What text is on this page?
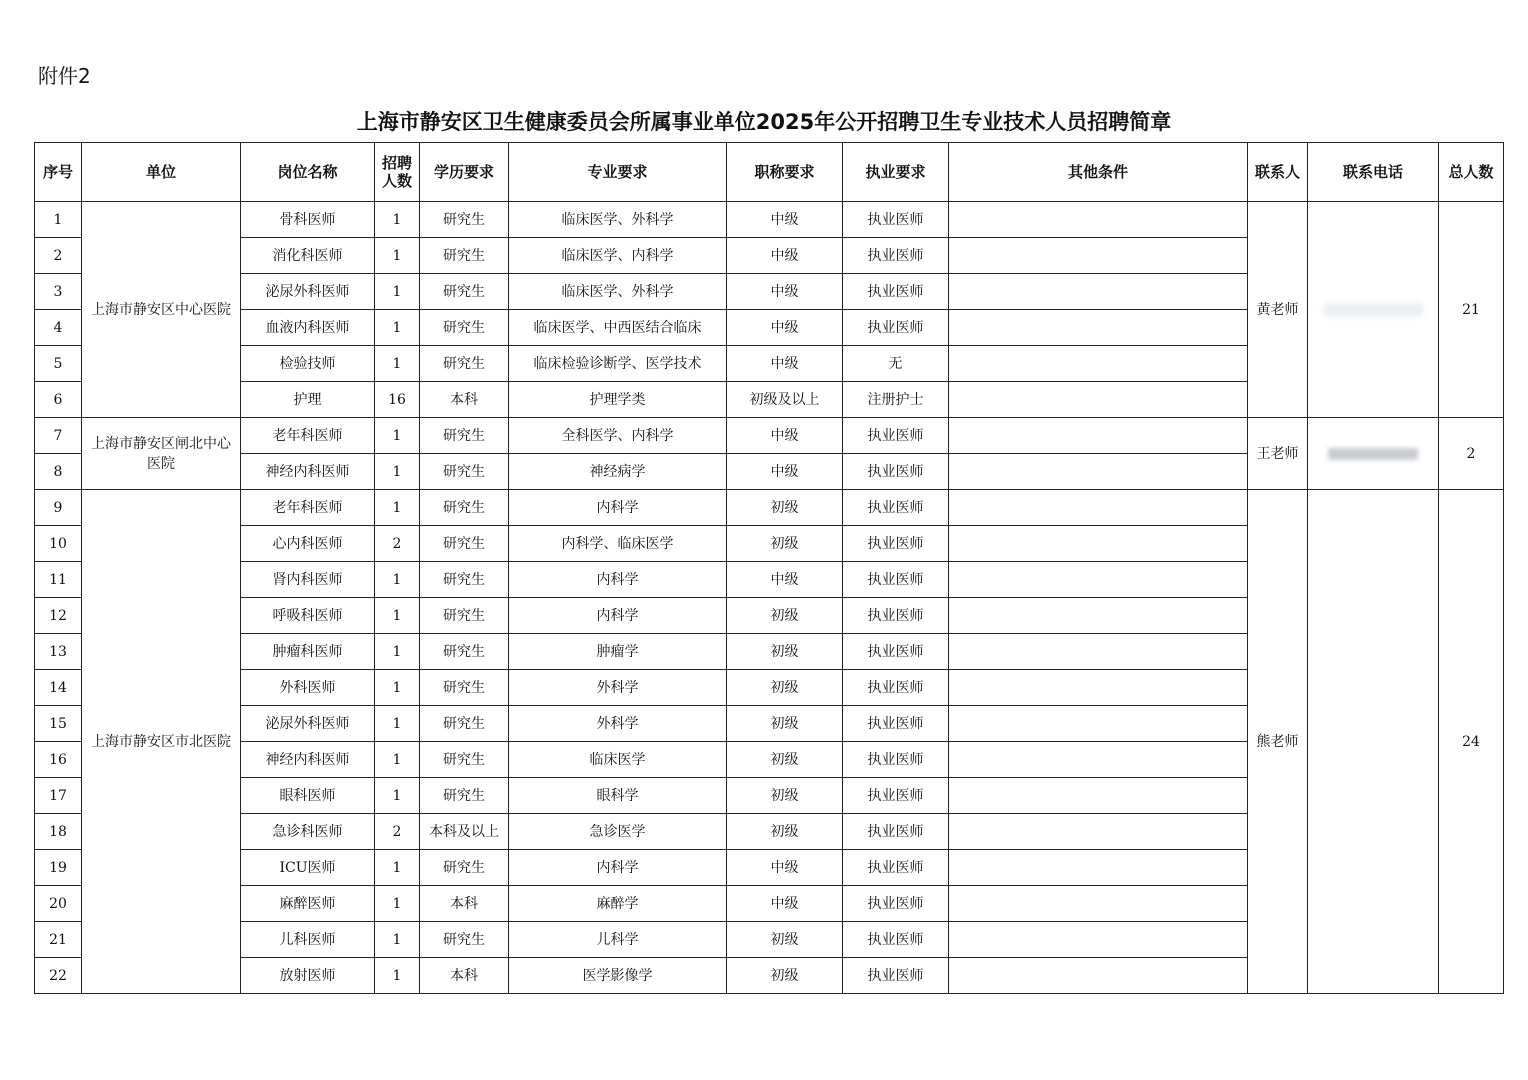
附件2
上海市静安区卫生健康委员会所属事业单位2025年公开招聘卫生专业技术人员招聘简章
序号	单位	岗位名称	招聘人数	学历要求	专业要求	职称要求	执业要求	其他条件	联系人	联系电话	总人数
1	上海市静安区中心医院	骨科医师	1	研究生	临床医学、外科学	中级	执业医师		黄老师		21
2		消化科医师	1	研究生	临床医学、内科学	中级	执业医师				
3		泌尿外科医师	1	研究生	临床医学、外科学	中级	执业医师				
4		血液内科医师	1	研究生	临床医学、中西医结合临床	中级	执业医师				
5		检验技师	1	研究生	临床检验诊断学、医学技术	中级	无				
6		护理	16	本科	护理学类	初级及以上	注册护士				
7	上海市静安区闸北中心医院	老年科医师	1	研究生	全科医学、内科学	中级	执业医师		王老师		2
8		神经内科医师	1	研究生	神经病学	中级	执业医师				
9	上海市静安区市北医院	老年科医师	1	研究生	内科学	初级	执业医师		熊老师		24
10		心内科医师	2	研究生	内科学、临床医学	初级	执业医师				
11		肾内科医师	1	研究生	内科学	中级	执业医师				
12		呼吸科医师	1	研究生	内科学	初级	执业医师				
13		肿瘤科医师	1	研究生	肿瘤学	初级	执业医师				
14		外科医师	1	研究生	外科学	初级	执业医师				
15		泌尿外科医师	1	研究生	外科学	初级	执业医师				
16		神经内科医师	1	研究生	临床医学	初级	执业医师				
17		眼科医师	1	研究生	眼科学	初级	执业医师				
18		急诊科医师	2	本科及以上	急诊医学	初级	执业医师				
19		ICU医师	1	研究生	内科学	中级	执业医师				
20		麻醉医师	1	本科	麻醉学	中级	执业医师				
21		儿科医师	1	研究生	儿科学	初级	执业医师				
22		放射医师	1	本科	医学影像学	初级	执业医师				
